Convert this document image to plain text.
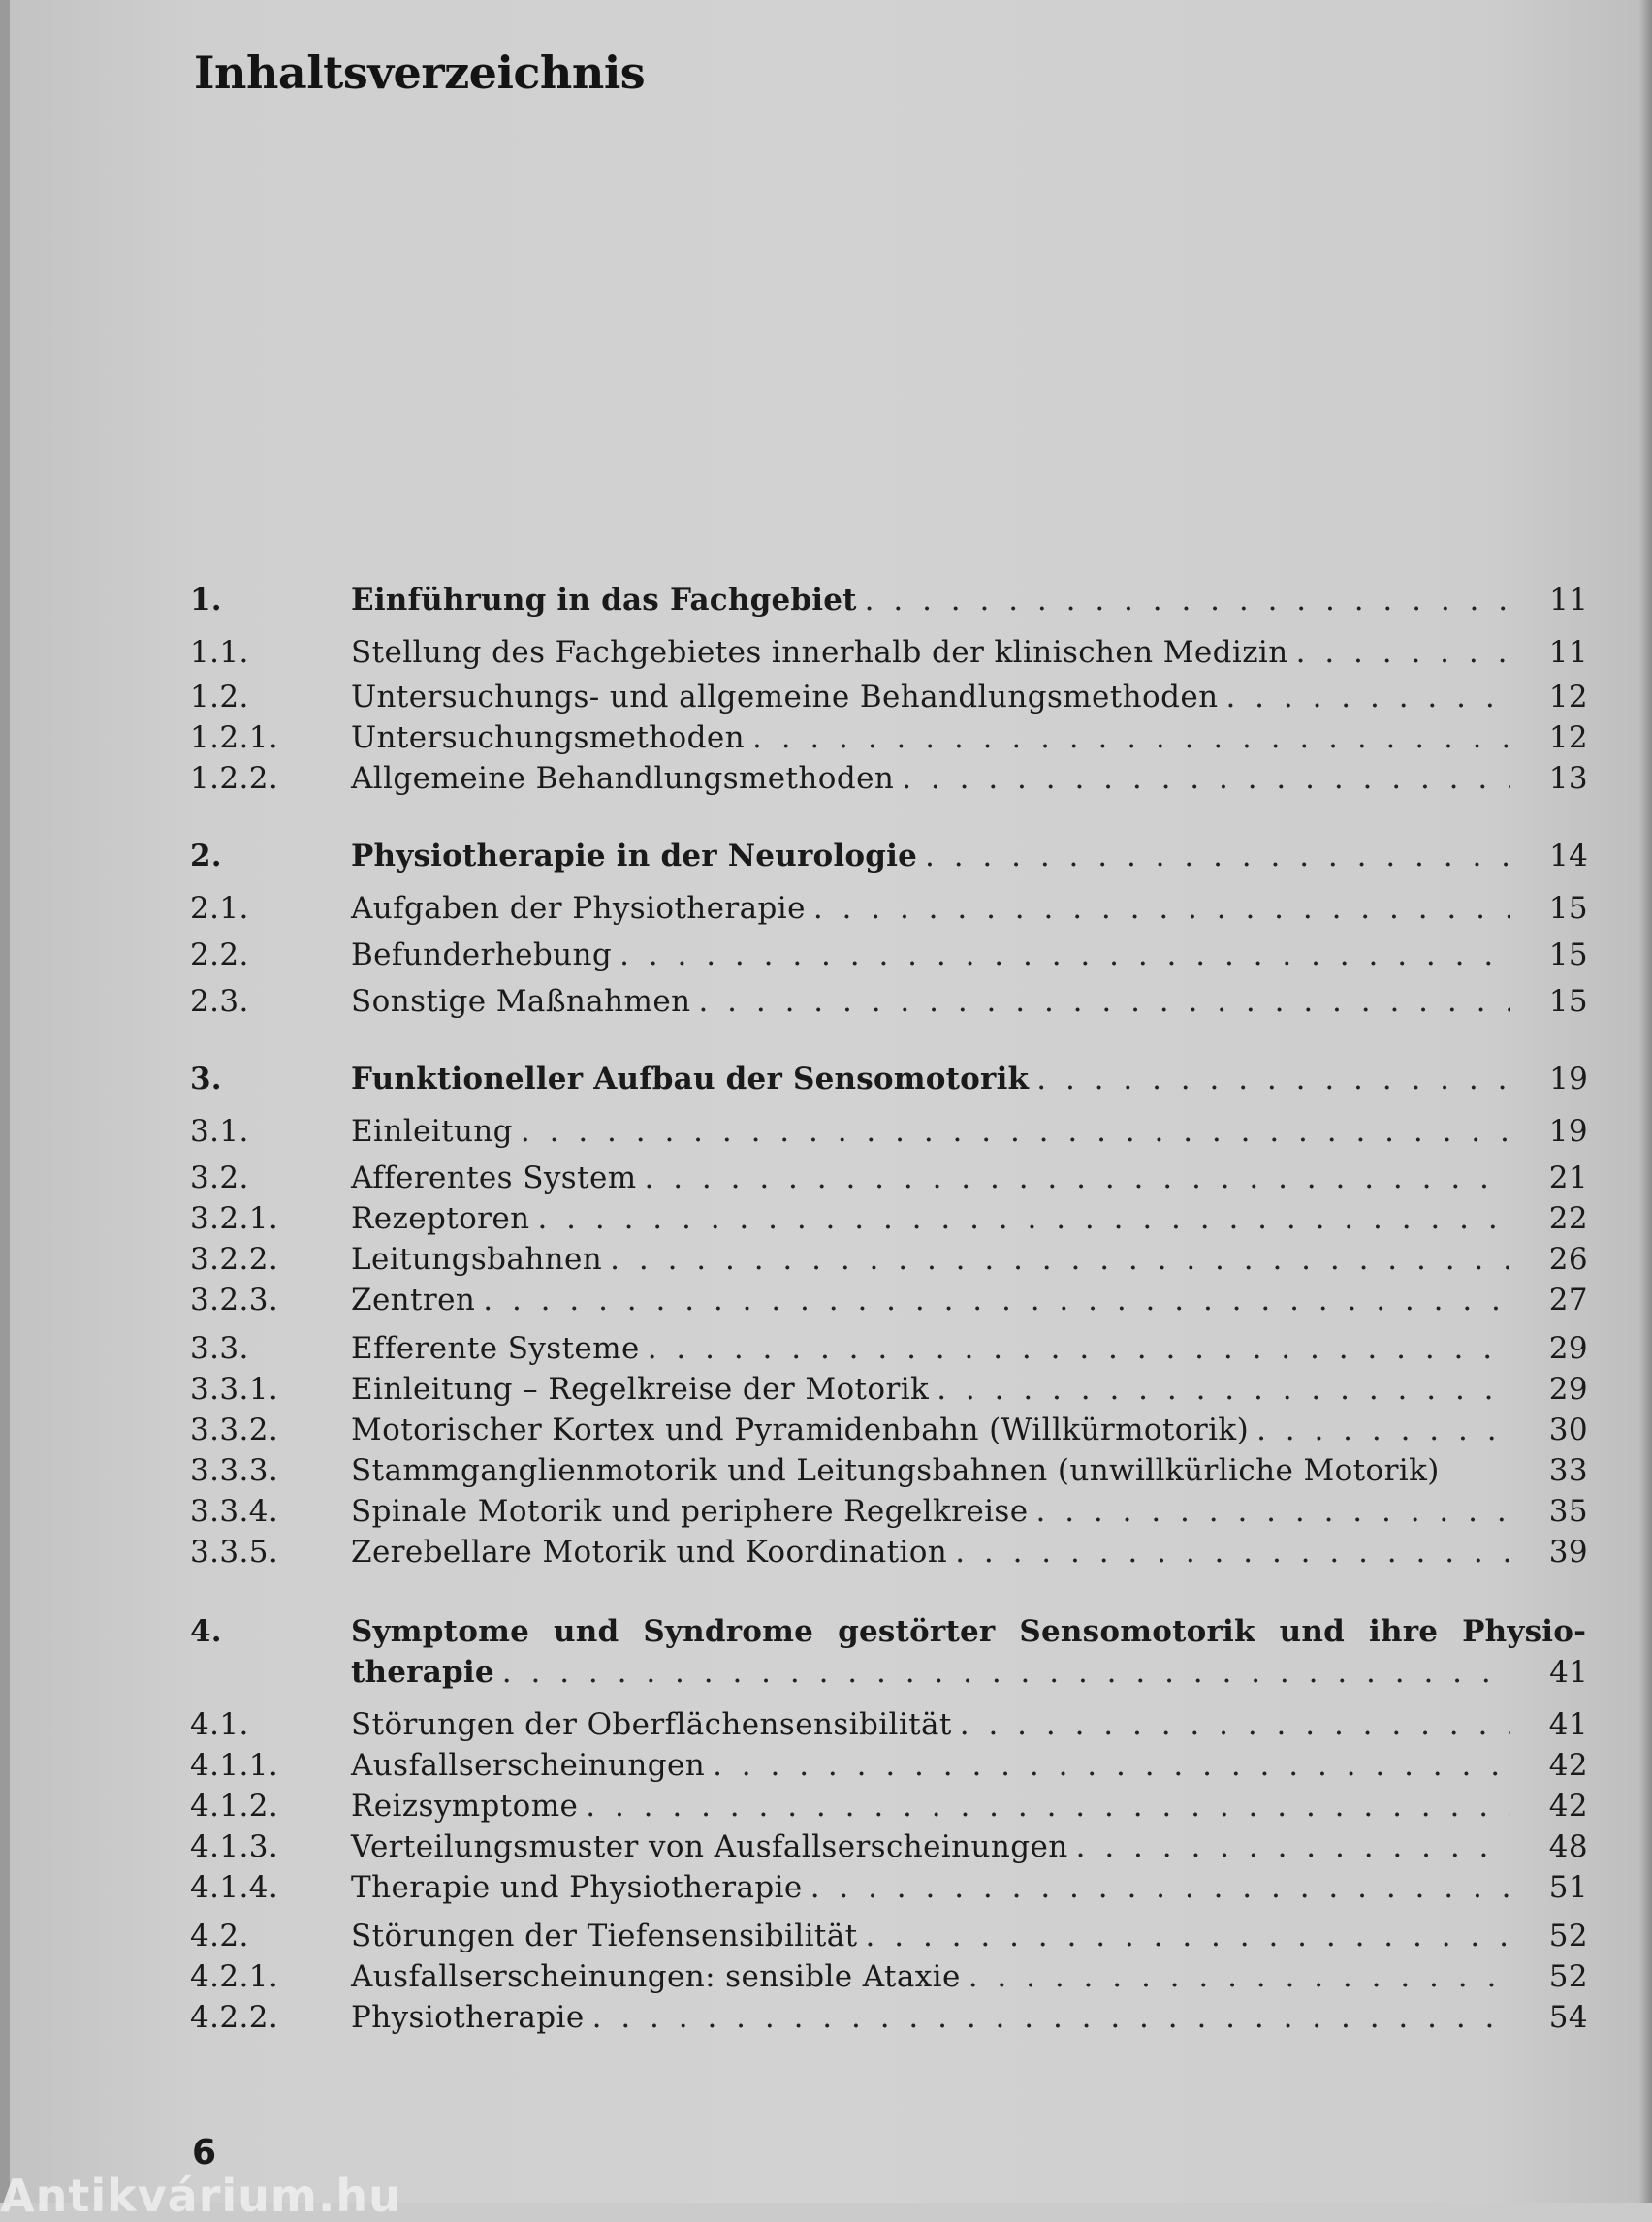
Inhaltsverzeichnis
1.	Einführung in das Fachgebiet . . .	11
1.1.	Stellung des Fachgebietes innerhalb der klinischen Medizin . . .	11
1.2.	Untersuchungs- und allgemeine Behandlungsmethoden . . .	12
1.2.1.	Untersuchungsmethoden . . .	12
1.2.2.	Allgemeine Behandlungsmethoden . . .	13
2.	Physiotherapie in der Neurologie . . .	14
2.1.	Aufgaben der Physiotherapie . . .	15
2.2.	Befunderhebung . . .	15
2.3.	Sonstige Maßnahmen . . .	15
3.	Funktioneller Aufbau der Sensomotorik . . .	19
3.1.	Einleitung . . .	19
3.2.	Afferentes System . . .	21
3.2.1.	Rezeptoren . . .	22
3.2.2.	Leitungsbahnen . . .	26
3.2.3.	Zentren . . .	27
3.3.	Efferente Systeme . . .	29
3.3.1.	Einleitung – Regelkreise der Motorik . . .	29
3.3.2.	Motorischer Kortex und Pyramidenbahn (Willkürmotorik) . . .	30
3.3.3.	Stammganglienmotorik und Leitungsbahnen (unwillkürliche Motorik)	33
3.3.4.	Spinale Motorik und periphere Regelkreise . . .	35
3.3.5.	Zerebellare Motorik und Koordination . . .	39
4.	Symptome und Syndrome gestörter Sensomotorik und ihre Physio-
therapie . . .	41
4.1.	Störungen der Oberflächensensibilität . . .	41
4.1.1.	Ausfallserscheinungen . . .	42
4.1.2.	Reizsymptome . . .	42
4.1.3.	Verteilungsmuster von Ausfallserscheinungen . . .	48
4.1.4.	Therapie und Physiotherapie . . .	51
4.2.	Störungen der Tiefensensibilität . . .	52
4.2.1.	Ausfallserscheinungen: sensible Ataxie . . .	52
4.2.2.	Physiotherapie . . .	54
6
Antikvárium.hu
